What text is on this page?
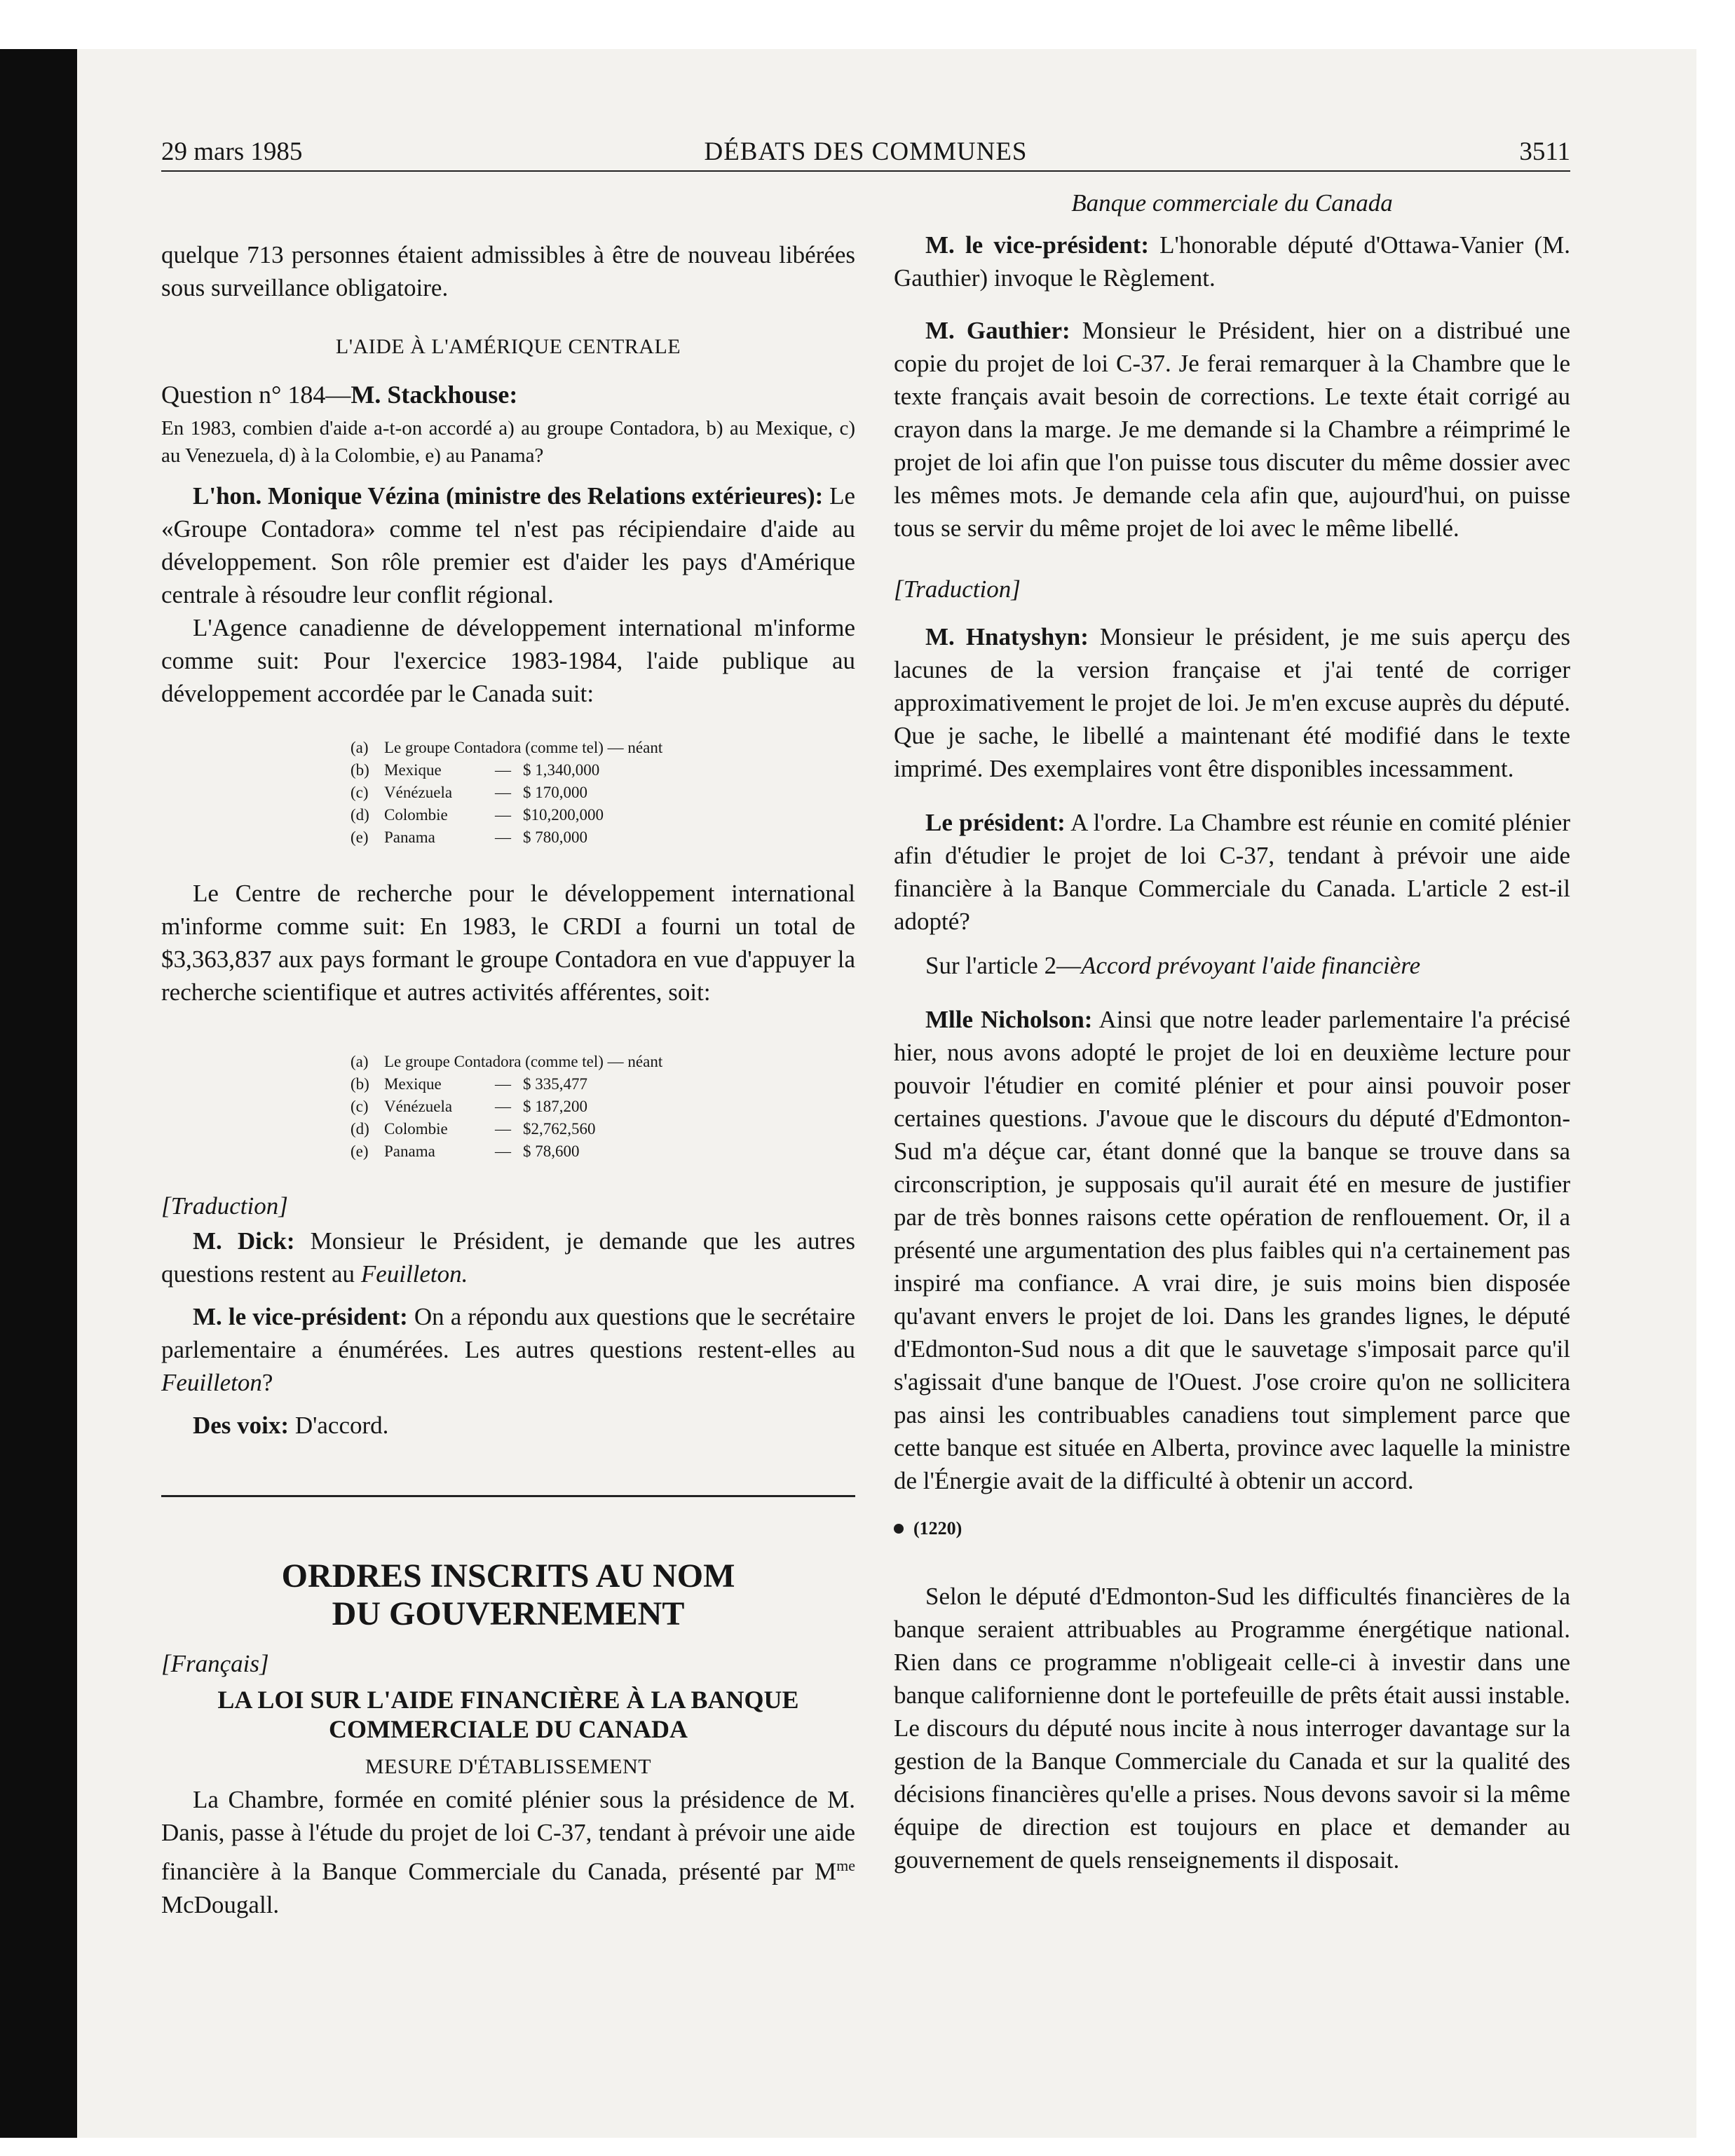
29 mars 1985	DÉBATS DES COMMUNES	3511

quelque 713 personnes étaient admissibles à être de nouveau libérées sous surveillance obligatoire.

L'AIDE À L'AMÉRIQUE CENTRALE

Question n° 184—M. Stackhouse:

En 1983, combien d'aide a-t-on accordé a) au groupe Contadora, b) au Mexique, c) au Venezuela, d) à la Colombie, e) au Panama?

L'hon. Monique Vézina (ministre des Relations extérieures): Le «Groupe Contadora» comme tel n'est pas récipiendaire d'aide au développement. Son rôle premier est d'aider les pays d'Amérique centrale à résoudre leur conflit régional.

L'Agence canadienne de développement international m'informe comme suit: Pour l'exercice 1983-1984, l'aide publique au développement accordée par le Canada suit:

(a) Le groupe Contadora (comme tel) — néant
(b) Mexique	— $ 1,340,000
(c) Vénézuela	— $ 170,000
(d) Colombie	— $10,200,000
(e) Panama	— $ 780,000

Le Centre de recherche pour le développement international m'informe comme suit: En 1983, le CRDI a fourni un total de $3,363,837 aux pays formant le groupe Contadora en vue d'appuyer la recherche scientifique et autres activités afférentes, soit:

(a) Le groupe Contadora (comme tel) — néant
(b) Mexique	— $ 335,477
(c) Vénézuela	— $ 187,200
(d) Colombie	— $2,762,560
(e) Panama	— $ 78,600

[Traduction]

M. Dick: Monsieur le Président, je demande que les autres questions restent au Feuilleton.

M. le vice-président: On a répondu aux questions que le secrétaire parlementaire a énumérées. Les autres questions restent-elles au Feuilleton?

Des voix: D'accord.

ORDRES INSCRITS AU NOM DU GOUVERNEMENT

[Français]

LA LOI SUR L'AIDE FINANCIÈRE À LA BANQUE COMMERCIALE DU CANADA

MESURE D'ÉTABLISSEMENT

La Chambre, formée en comité plénier sous la présidence de M. Danis, passe à l'étude du projet de loi C-37, tendant à prévoir une aide financière à la Banque Commerciale du Canada, présenté par $M^{me}$ McDougall.

Banque commerciale du Canada

M. le vice-président: L'honorable député d'Ottawa-Vanier (M. Gauthier) invoque le Règlement.

M. Gauthier: Monsieur le Président, hier on a distribué une copie du projet de loi C-37. Je ferai remarquer à la Chambre que le texte français avait besoin de corrections. Le texte était corrigé au crayon dans la marge. Je me demande si la Chambre a réimprimé le projet de loi afin que l'on puisse tous discuter du même dossier avec les mêmes mots. Je demande cela afin que, aujourd'hui, on puisse tous se servir du même projet de loi avec le même libellé.

[Traduction]

M. Hnatyshyn: Monsieur le président, je me suis aperçu des lacunes de la version française et j'ai tenté de corriger approximativement le projet de loi. Je m'en excuse auprès du député. Que je sache, le libellé a maintenant été modifié dans le texte imprimé. Des exemplaires vont être disponibles incessamment.

Le président: A l'ordre. La Chambre est réunie en comité plénier afin d'étudier le projet de loi C-37, tendant à prévoir une aide financière à la Banque Commerciale du Canada. L'article 2 est-il adopté?

Sur l'article 2—Accord prévoyant l'aide financière

Mlle Nicholson: Ainsi que notre leader parlementaire l'a précisé hier, nous avons adopté le projet de loi en deuxième lecture pour pouvoir l'étudier en comité plénier et pour ainsi pouvoir poser certaines questions. J'avoue que le discours du député d'Edmonton-Sud m'a déçue car, étant donné que la banque se trouve dans sa circonscription, je supposais qu'il aurait été en mesure de justifier par de très bonnes raisons cette opération de renflouement. Or, il a présenté une argumentation des plus faibles qui n'a certainement pas inspiré ma confiance. A vrai dire, je suis moins bien disposée qu'avant envers le projet de loi. Dans les grandes lignes, le député d'Edmonton-Sud nous a dit que le sauvetage s'imposait parce qu'il s'agissait d'une banque de l'Ouest. J'ose croire qu'on ne sollicitera pas ainsi les contribuables canadiens tout simplement parce que cette banque est située en Alberta, province avec laquelle la ministre de l'Énergie avait de la difficulté à obtenir un accord.

(1220)

Selon le député d'Edmonton-Sud les difficultés financières de la banque seraient attribuables au Programme énergétique national. Rien dans ce programme n'obligeait celle-ci à investir dans une banque californienne dont le portefeuille de prêts était aussi instable. Le discours du député nous incite à nous interroger davantage sur la gestion de la Banque Commerciale du Canada et sur la qualité des décisions financières qu'elle a prises. Nous devons savoir si la même équipe de direction est toujours en place et demander au gouvernement de quels renseignements il disposait.
